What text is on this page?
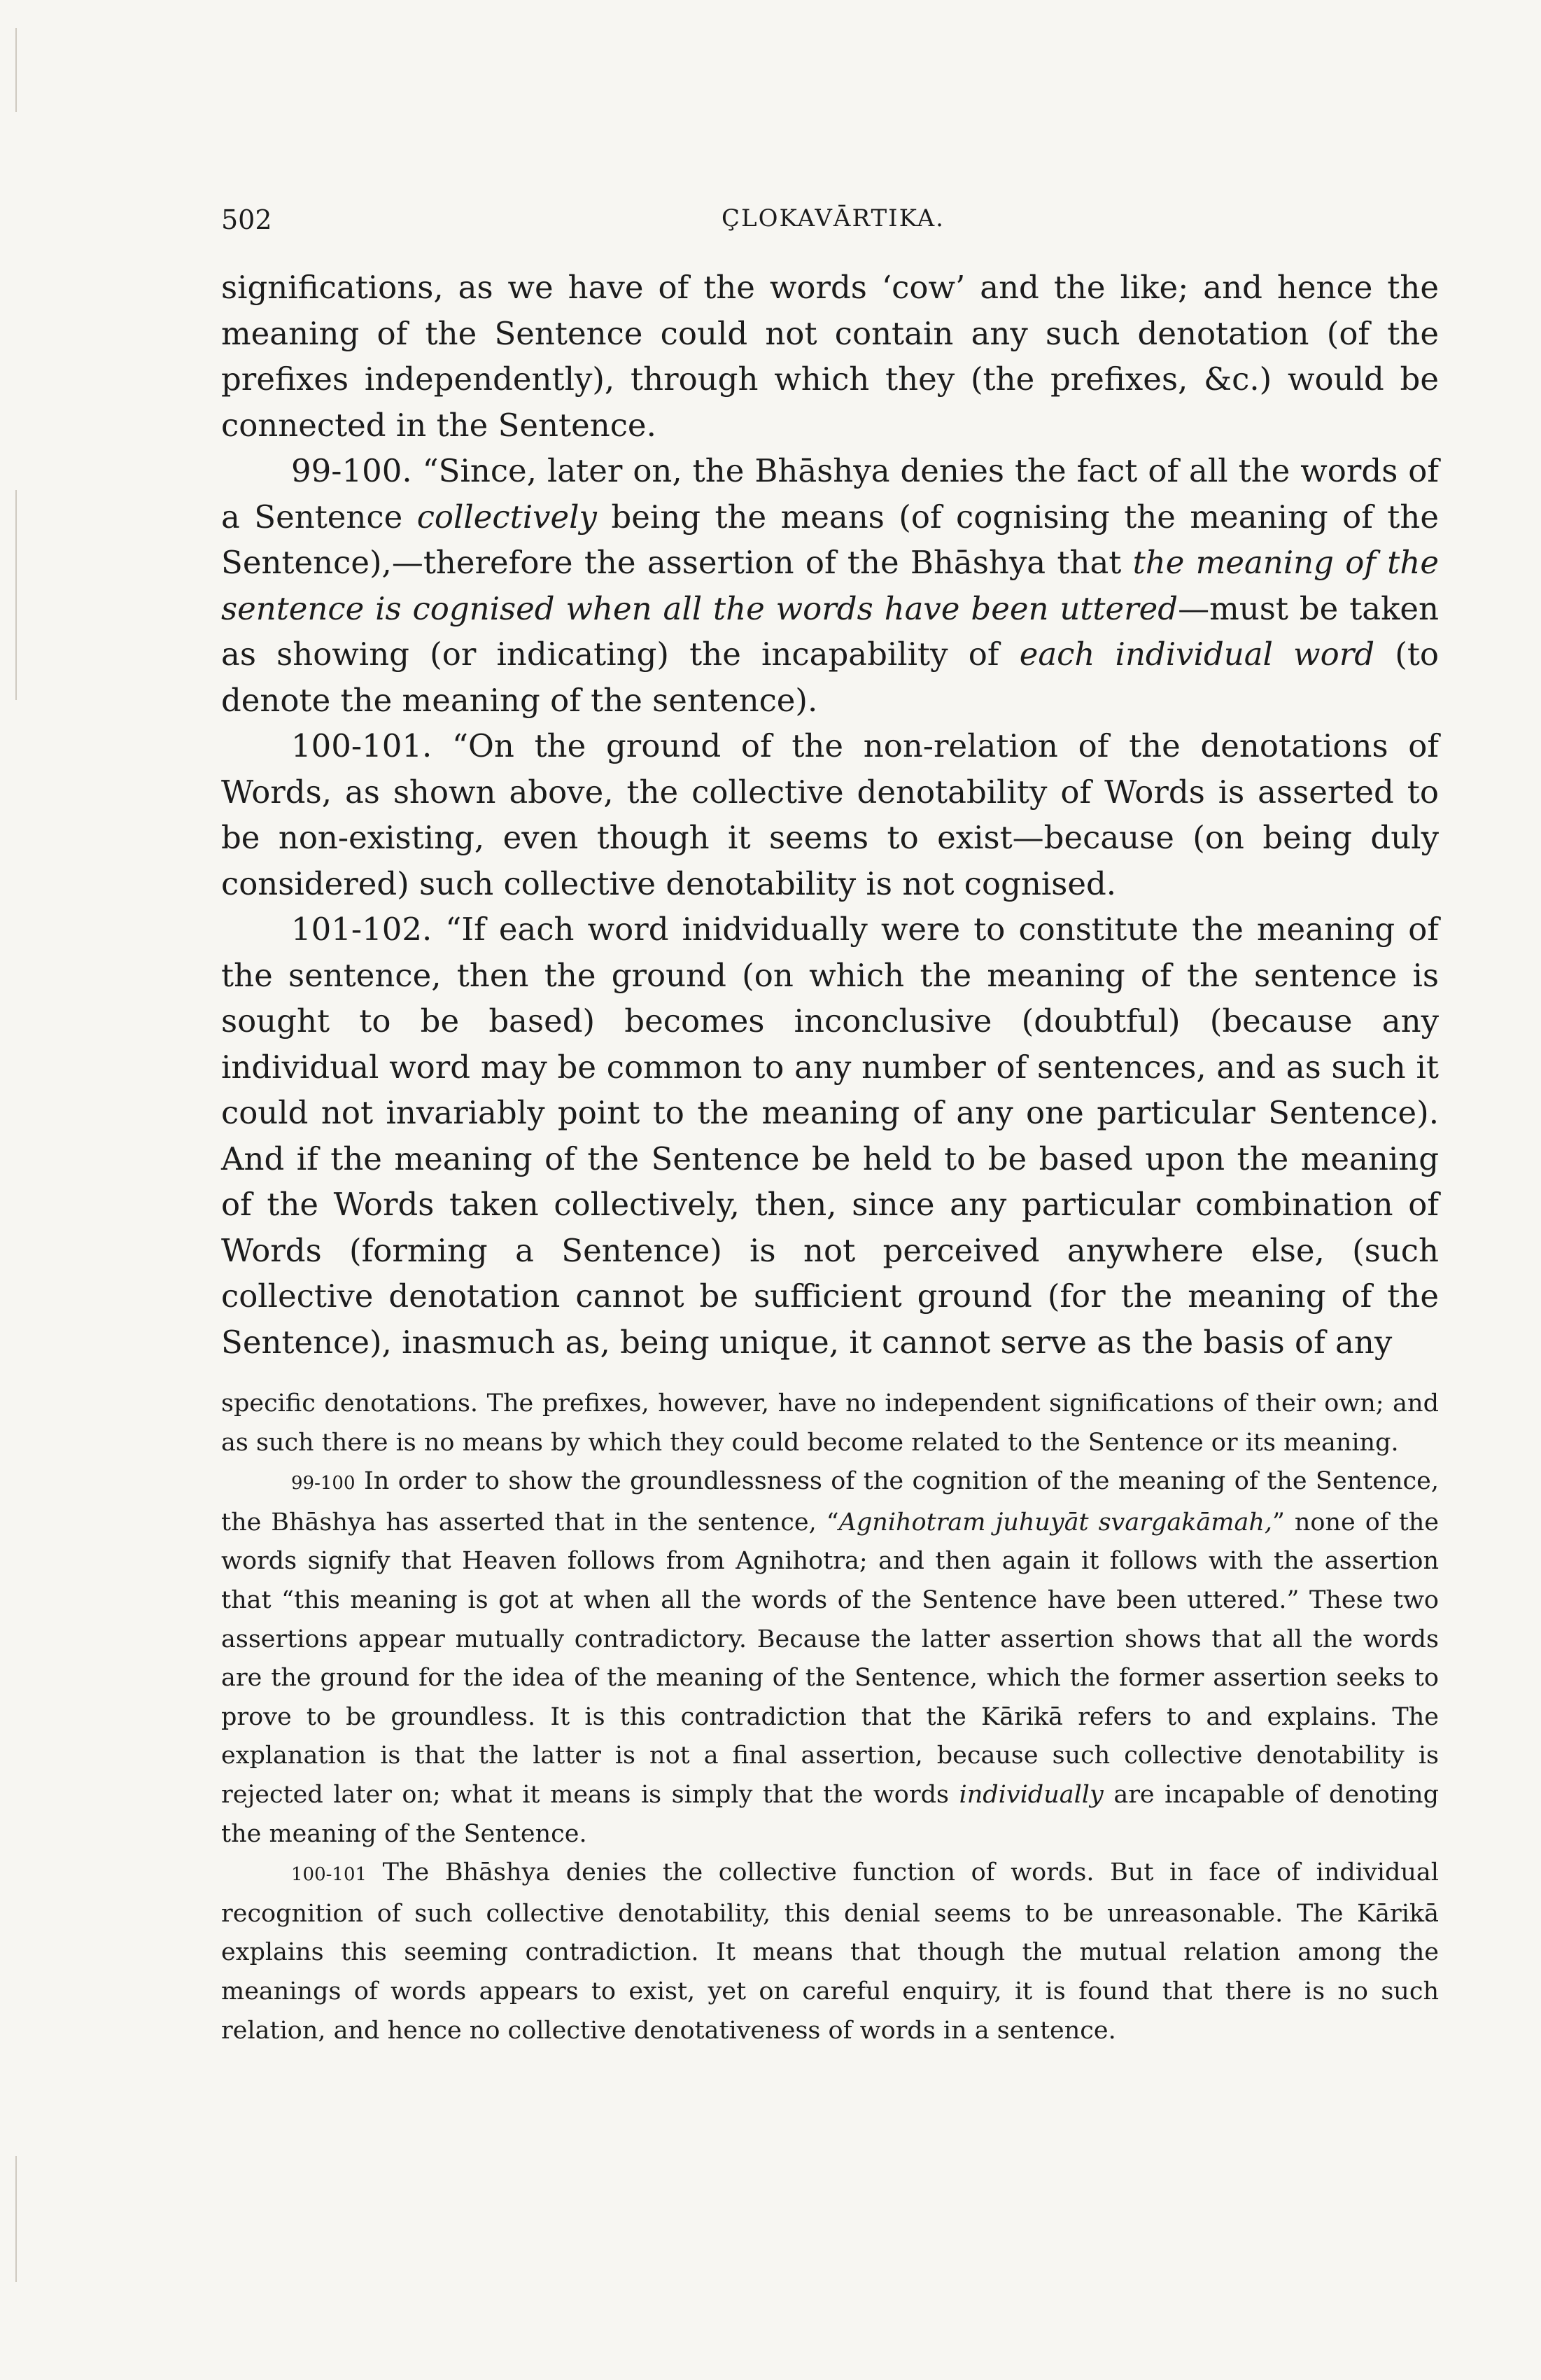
502	ÇLOKAVĀRTIKA.

significations, as we have of the words ‘cow’ and the like; and hence the meaning of the Sentence could not contain any such denotation (of the prefixes independently), through which they (the prefixes, &c.) would be connected in the Sentence.

99-100. “Since, later on, the Bhāshya denies the fact of all the words of a Sentence collectively being the means (of cognising the meaning of the Sentence),—therefore the assertion of the Bhāshya that the meaning of the sentence is cognised when all the words have been uttered—must be taken as showing (or indicating) the incapability of each individual word (to denote the meaning of the sentence).

100-101. “On the ground of the non-relation of the denotations of Words, as shown above, the collective denotability of Words is asserted to be non-existing, even though it seems to exist—because (on being duly considered) such collective denotability is not cognised.

101-102. “If each word inidvidually were to constitute the meaning of the sentence, then the ground (on which the meaning of the sentence is sought to be based) becomes inconclusive (doubtful) (because any individual word may be common to any number of sentences, and as such it could not invariably point to the meaning of any one particular Sentence). And if the meaning of the Sentence be held to be based upon the meaning of the Words taken collectively, then, since any particular combination of Words (forming a Sentence) is not perceived anywhere else, (such collective denotation cannot be sufficient ground (for the meaning of the Sentence), inasmuch as, being unique, it cannot serve as the basis of any

specific denotations. The prefixes, however, have no independent significations of their own; and as such there is no means by which they could become related to the Sentence or its meaning.

99-100 In order to show the groundlessness of the cognition of the meaning of the Sentence, the Bhāshya has asserted that in the sentence, “Agnihotram juhuyāt svargakāmah,” none of the words signify that Heaven follows from Agnihotra; and then again it follows with the assertion that “this meaning is got at when all the words of the Sentence have been uttered.” These two assertions appear mutually contradictory. Because the latter assertion shows that all the words are the ground for the idea of the meaning of the Sentence, which the former assertion seeks to prove to be groundless. It is this contradiction that the Kārikā refers to and explains. The explanation is that the latter is not a final assertion, because such collective denotability is rejected later on; what it means is simply that the words individually are incapable of denoting the meaning of the Sentence.

100-101 The Bhāshya denies the collective function of words. But in face of individual recognition of such collective denotability, this denial seems to be unreasonable. The Kārikā explains this seeming contradiction. It means that though the mutual relation among the meanings of words appears to exist, yet on careful enquiry, it is found that there is no such relation, and hence no collective denotativeness of words in a sentence.
